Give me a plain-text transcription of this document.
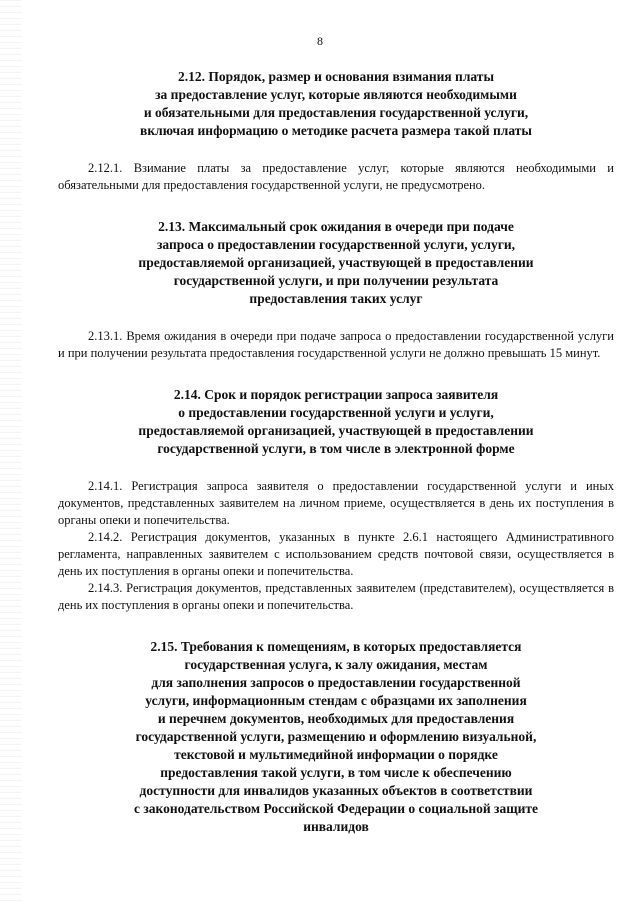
8
2.12. Порядок, размер и основания взимания платы
за предоставление услуг, которые являются необходимыми
и обязательными для предоставления государственной услуги,
включая информацию о методике расчета размера такой платы

2.12.1. Взимание платы за предоставление услуг, которые являются необходимыми и обязательными для предоставления государственной услуги, не предусмотрено.

2.13. Максимальный срок ожидания в очереди при подаче
запроса о предоставлении государственной услуги, услуги,
предоставляемой организацией, участвующей в предоставлении
государственной услуги, и при получении результата
предоставления таких услуг

2.13.1. Время ожидания в очереди при подаче запроса о предоставлении государственной услуги и при получении результата предоставления государственной услуги не должно превышать 15 минут.

2.14. Срок и порядок регистрации запроса заявителя
о предоставлении государственной услуги и услуги,
предоставляемой организацией, участвующей в предоставлении
государственной услуги, в том числе в электронной форме

2.14.1. Регистрация запроса заявителя о предоставлении государственной услуги и иных документов, представленных заявителем на личном приеме, осуществляется в день их поступления в органы опеки и попечительства.

2.14.2. Регистрация документов, указанных в пункте 2.6.1 настоящего Административного регламента, направленных заявителем с использованием средств почтовой связи, осуществляется в день их поступления в органы опеки и попечительства.

2.14.3. Регистрация документов, представленных заявителем (представителем), осуществляется в день их поступления в органы опеки и попечительства.

2.15. Требования к помещениям, в которых предоставляется
государственная услуга, к залу ожидания, местам
для заполнения запросов о предоставлении государственной
услуги, информационным стендам с образцами их заполнения
и перечнем документов, необходимых для предоставления
государственной услуги, размещению и оформлению визуальной,
текстовой и мультимедийной информации о порядке
предоставления такой услуги, в том числе к обеспечению
доступности для инвалидов указанных объектов в соответствии
с законодательством Российской Федерации о социальной защите
инвалидов
